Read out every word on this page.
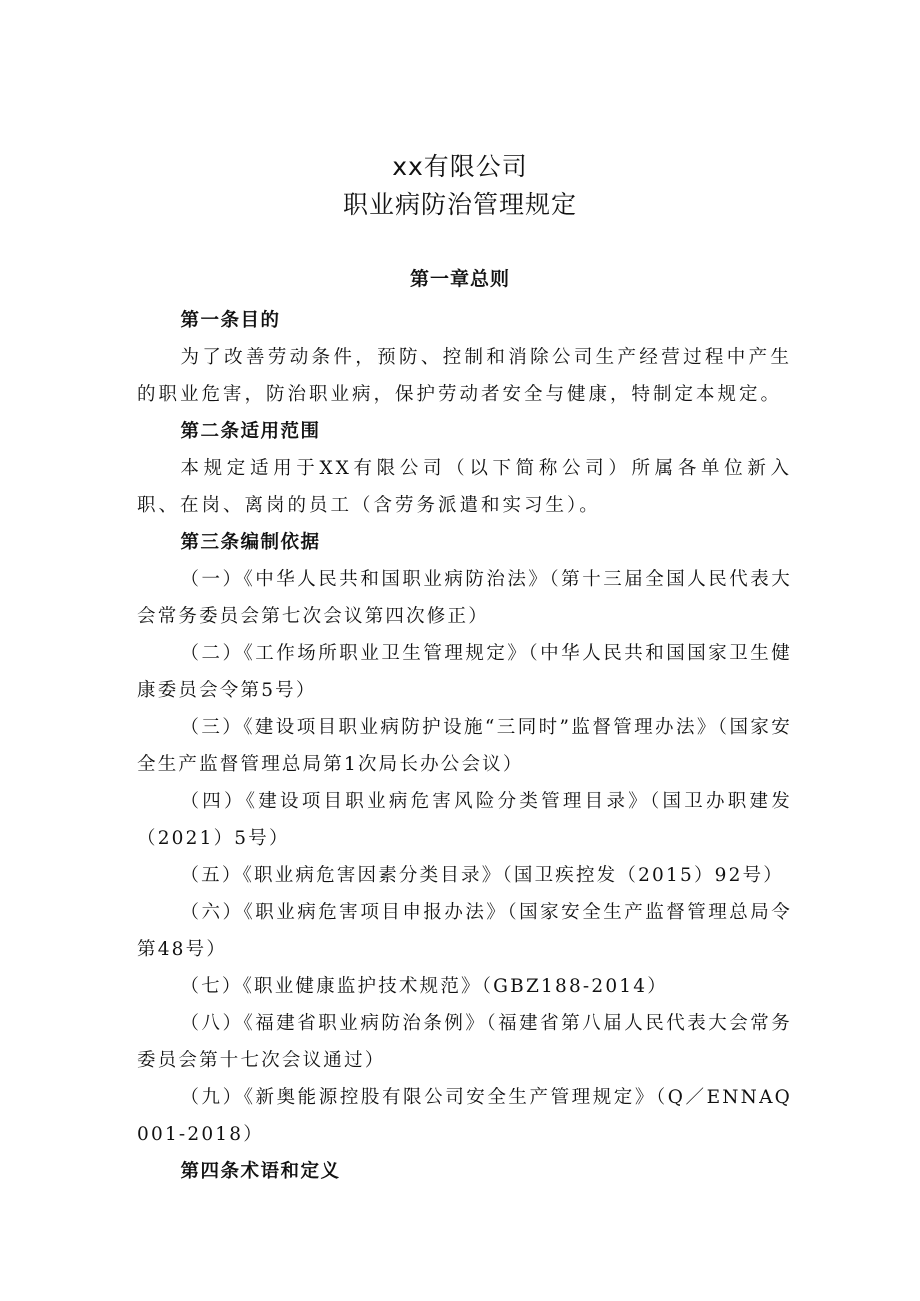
xx有限公司
职业病防治管理规定
第一章总则

第一条目的

为了改善劳动条件，预防、控制和消除公司生产经营过程中产生的职业危害，防治职业病，保护劳动者安全与健康，特制定本规定。

第二条适用范围

本规定适用于XX有限公司（以下简称公司）所属各单位新入职、在岗、离岗的员工（含劳务派遣和实习生）。

第三条编制依据

（一）《中华人民共和国职业病防治法》（第十三届全国人民代表大会常务委员会第七次会议第四次修正）

（二）《工作场所职业卫生管理规定》（中华人民共和国国家卫生健康委员会令第5号）

（三）《建设项目职业病防护设施“三同时”监督管理办法》（国家安全生产监督管理总局第1次局长办公会议）

（四）《建设项目职业病危害风险分类管理目录》（国卫办职建发（2021）5号）

（五）《职业病危害因素分类目录》（国卫疾控发（2015）92号）

（六）《职业病危害项目申报办法》（国家安全生产监督管理总局令第48号）

（七）《职业健康监护技术规范》（GBZ188-2014）

（八）《福建省职业病防治条例》（福建省第八届人民代表大会常务委员会第十七次会议通过）

（九）《新奥能源控股有限公司安全生产管理规定》（Q／ENNAQ001-2018）

第四条术语和定义
